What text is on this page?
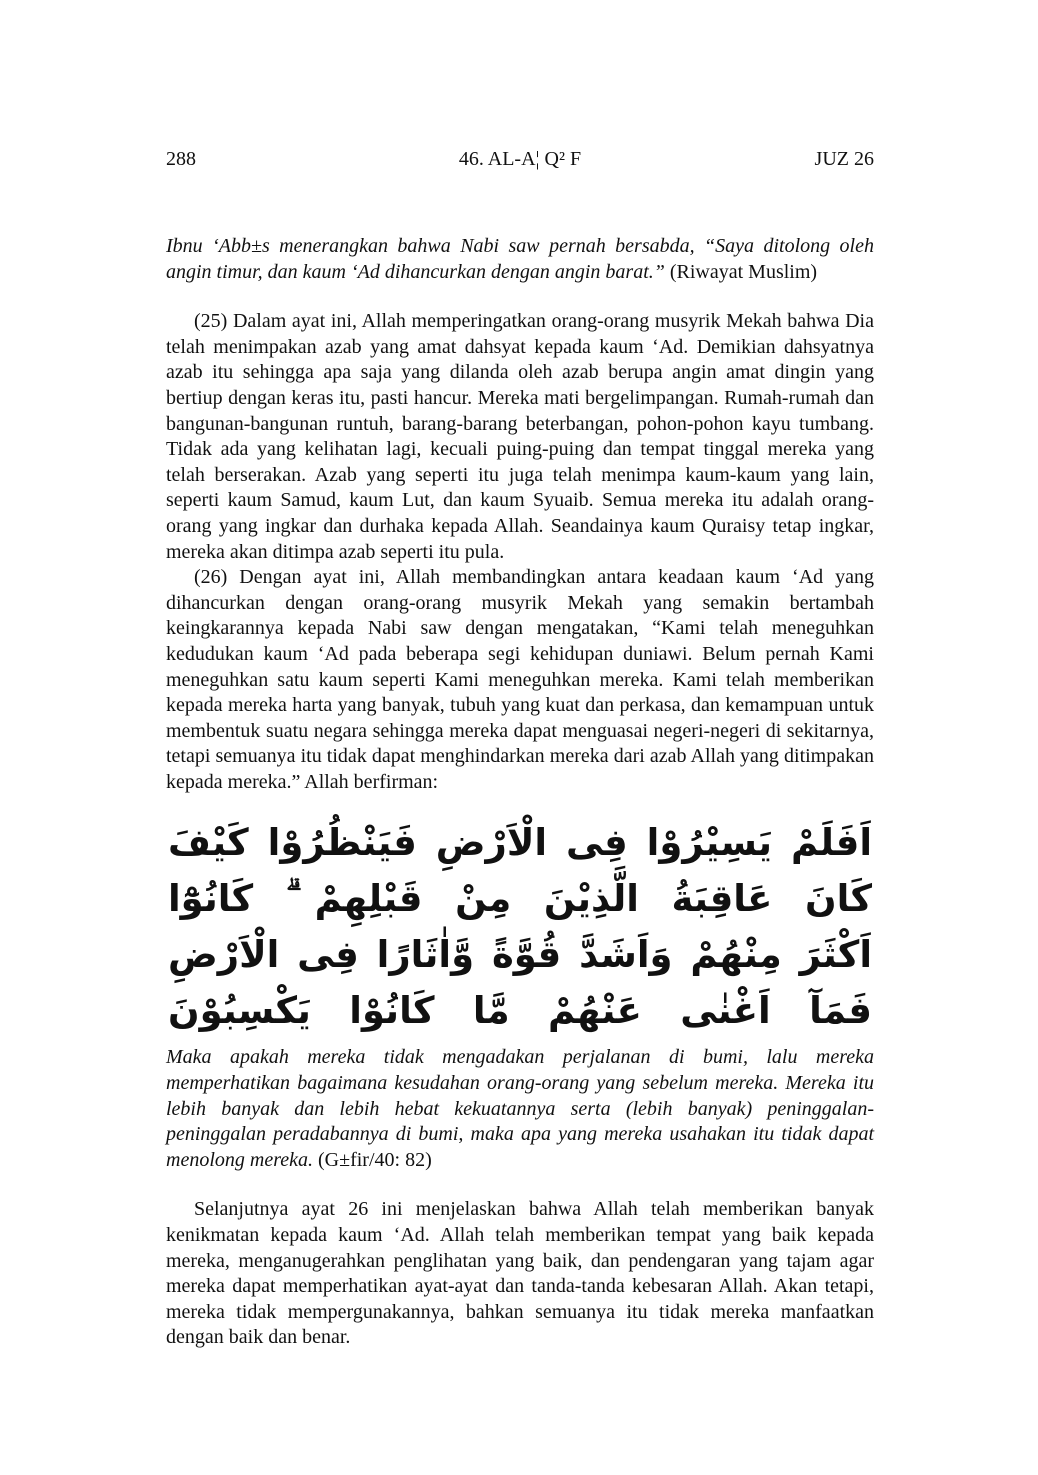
288	46. AL-A¦ Q² F	JUZ 26

Ibnu ‘Abb±s menerangkan bahwa Nabi saw pernah bersabda, “Saya ditolong oleh angin timur, dan kaum ‘Ad dihancurkan dengan angin barat.” (Riwayat Muslim)

(25) Dalam ayat ini, Allah memperingatkan orang-orang musyrik Mekah bahwa Dia telah menimpakan azab yang amat dahsyat kepada kaum ‘Ad. Demikian dahsyatnya azab itu sehingga apa saja yang dilanda oleh azab berupa angin amat dingin yang bertiup dengan keras itu, pasti hancur. Mereka mati bergelimpangan. Rumah-rumah dan bangunan-bangunan runtuh, barang-barang beterbangan, pohon-pohon kayu tumbang. Tidak ada yang kelihatan lagi, kecuali puing-puing dan tempat tinggal mereka yang telah berserakan. Azab yang seperti itu juga telah menimpa kaum-kaum yang lain, seperti kaum Samud, kaum Lut, dan kaum Syuaib. Semua mereka itu adalah orang-orang yang ingkar dan durhaka kepada Allah. Seandainya kaum Quraisy tetap ingkar, mereka akan ditimpa azab seperti itu pula.

(26) Dengan ayat ini, Allah membandingkan antara keadaan kaum ‘Ad yang dihancurkan dengan orang-orang musyrik Mekah yang semakin bertambah keingkarannya kepada Nabi saw dengan mengatakan, “Kami telah meneguhkan kedudukan kaum ‘Ad pada beberapa segi kehidupan duniawi. Belum pernah Kami meneguhkan satu kaum seperti Kami meneguhkan mereka. Kami telah memberikan kepada mereka harta yang banyak, tubuh yang kuat dan perkasa, dan kemampuan untuk membentuk suatu negara sehingga mereka dapat menguasai negeri-negeri di sekitarnya, tetapi semuanya itu tidak dapat menghindarkan mereka dari azab Allah yang ditimpakan kepada mereka.” Allah berfirman:

اَفَلَمْ يَسِيْرُوْا فِى الْاَرْضِ فَيَنْظُرُوْا كَيْفَ كَانَ عَاقِبَةُ الَّذِيْنَ مِنْ قَبْلِهِمْ ۗ كَانُوْٓا
اَكْثَرَ مِنْهُمْ وَاَشَدَّ قُوَّةً وَّاٰثَارًا فِى الْاَرْضِ فَمَآ اَغْنٰى عَنْهُمْ مَّا كَانُوْا يَكْسِبُوْنَ

Maka apakah mereka tidak mengadakan perjalanan di bumi, lalu mereka memperhatikan bagaimana kesudahan orang-orang yang sebelum mereka. Mereka itu lebih banyak dan lebih hebat kekuatannya serta (lebih banyak) peninggalan-peninggalan peradabannya di bumi, maka apa yang mereka usahakan itu tidak dapat menolong mereka. (G±fir/40: 82)

Selanjutnya ayat 26 ini menjelaskan bahwa Allah telah memberikan banyak kenikmatan kepada kaum ‘Ad. Allah telah memberikan tempat yang baik kepada mereka, menganugerahkan penglihatan yang baik, dan pendengaran yang tajam agar mereka dapat memperhatikan ayat-ayat dan tanda-tanda kebesaran Allah. Akan tetapi, mereka tidak mempergunakannya, bahkan semuanya itu tidak mereka manfaatkan dengan baik dan benar.
